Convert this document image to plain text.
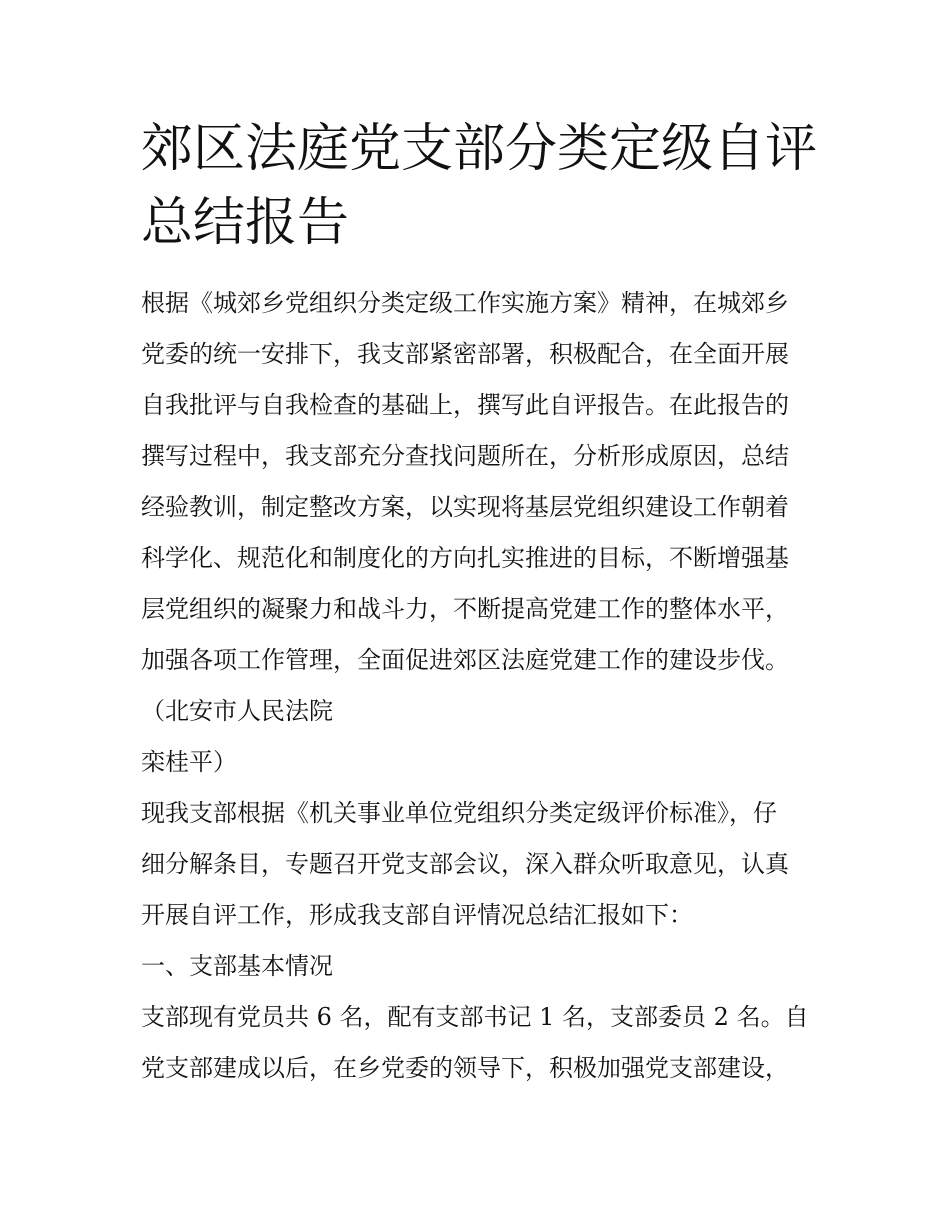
郊区法庭党支部分类定级自评
总结报告
根据《城郊乡党组织分类定级工作实施方案》精神，在城郊乡
党委的统一安排下，我支部紧密部署，积极配合，在全面开展
自我批评与自我检查的基础上，撰写此自评报告。在此报告的
撰写过程中，我支部充分查找问题所在，分析形成原因，总结
经验教训，制定整改方案，以实现将基层党组织建设工作朝着
科学化、规范化和制度化的方向扎实推进的目标，不断增强基
层党组织的凝聚力和战斗力，不断提高党建工作的整体水平，
加强各项工作管理，全面促进郊区法庭党建工作的建设步伐。
（北安市人民法院
栾桂平）
现我支部根据《机关事业单位党组织分类定级评价标准》，仔
细分解条目，专题召开党支部会议，深入群众听取意见，认真
开展自评工作，形成我支部自评情况总结汇报如下：
一、支部基本情况
支部现有党员共 6 名，配有支部书记 1 名，支部委员 2 名。自
党支部建成以后，在乡党委的领导下，积极加强党支部建设，
